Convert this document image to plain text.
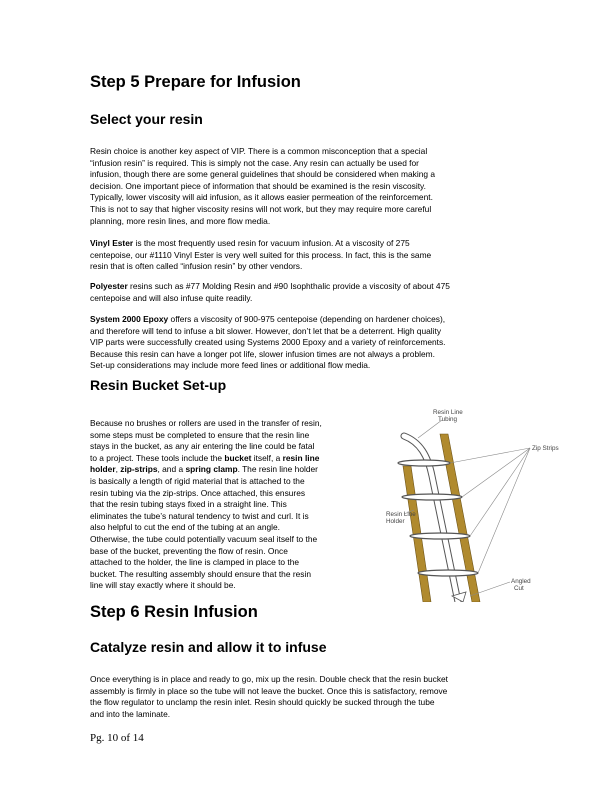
Step 5 Prepare for Infusion
Select your resin

Resin choice is another key aspect of VIP. There is a common misconception that a special
“infusion resin” is required. This is simply not the case. Any resin can actually be used for
infusion, though there are some general guidelines that should be considered when making a
decision. One important piece of information that should be examined is the resin viscosity.
Typically, lower viscosity will aid infusion, as it allows easier permeation of the reinforcement.
This is not to say that higher viscosity resins will not work, but they may require more careful
planning, more resin lines, and more flow media.

Vinyl Ester is the most frequently used resin for vacuum infusion. At a viscosity of 275
centepoise, our #1110 Vinyl Ester is very well suited for this process. In fact, this is the same
resin that is often called “infusion resin” by other vendors.

Polyester resins such as #77 Molding Resin and #90 Isophthalic provide a viscosity of about 475
centepoise and will also infuse quite readily.

System 2000 Epoxy offers a viscosity of 900-975 centepoise (depending on hardener choices),
and therefore will tend to infuse a bit slower. However, don’t let that be a deterrent. High quality
VIP parts were successfully created using Systems 2000 Epoxy and a variety of reinforcements.
Because this resin can have a longer pot life, slower infusion times are not always a problem.
Set-up considerations may include more feed lines or additional flow media.

Resin Bucket Set-up

Because no brushes or rollers are used in the transfer of resin,
some steps must be completed to ensure that the resin line
stays in the bucket, as any air entering the line could be fatal
to a project. These tools include the bucket itself, a resin line
holder, zip-strips, and a spring clamp. The resin line holder
is basically a length of rigid material that is attached to the
resin tubing via the zip-strips. Once attached, this ensures
that the resin tubing stays fixed in a straight line. This
eliminates the tube’s natural tendency to twist and curl. It is
also helpful to cut the end of the tubing at an angle.
Otherwise, the tube could potentially vacuum seal itself to the
base of the bucket, preventing the flow of resin. Once
attached to the holder, the line is clamped in place to the
bucket. The resulting assembly should ensure that the resin
line will stay exactly where it should be.

Resin Line
Tubing
Zip Strips
Resin Line
Holder
Angled
Cut
Step 6 Resin Infusion
Catalyze resin and allow it to infuse

Once everything is in place and ready to go, mix up the resin. Double check that the resin bucket
assembly is firmly in place so the tube will not leave the bucket. Once this is satisfactory, remove
the flow regulator to unclamp the resin inlet. Resin should quickly be sucked through the tube
and into the laminate.

Pg. 10 of 14
